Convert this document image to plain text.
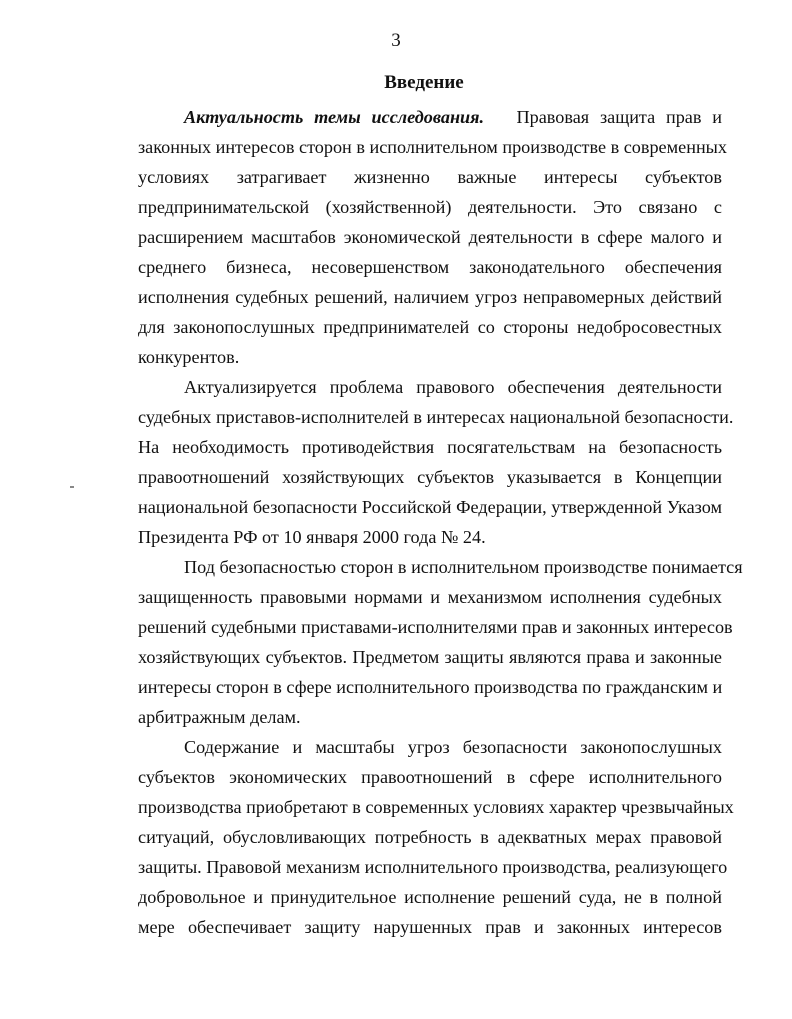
3
Введение
Актуальность темы исследования. Правовая защита прав и
законных интересов сторон в исполнительном производстве в современных
условиях затрагивает жизненно важные интересы субъектов
предпринимательской (хозяйственной) деятельности. Это связано с
расширением масштабов экономической деятельности в сфере малого и
среднего бизнеса, несовершенством законодательного обеспечения
исполнения судебных решений, наличием угроз неправомерных действий
для законопослушных предпринимателей со стороны недобросовестных
конкурентов.
Актуализируется проблема правового обеспечения деятельности
судебных приставов-исполнителей в интересах национальной безопасности.
На необходимость противодействия посягательствам на безопасность
правоотношений хозяйствующих субъектов указывается в Концепции
национальной безопасности Российской Федерации, утвержденной Указом
Президента РФ от 10 января 2000 года № 24.
Под безопасностью сторон в исполнительном производстве понимается
защищенность правовыми нормами и механизмом исполнения судебных
решений судебными приставами-исполнителями прав и законных интересов
хозяйствующих субъектов. Предметом защиты являются права и законные
интересы сторон в сфере исполнительного производства по гражданским и
арбитражным делам.
Содержание и масштабы угроз безопасности законопослушных
субъектов экономических правоотношений в сфере исполнительного
производства приобретают в современных условиях характер чрезвычайных
ситуаций, обусловливающих потребность в адекватных мерах правовой
защиты. Правовой механизм исполнительного производства, реализующего
добровольное и принудительное исполнение решений суда, не в полной
мере обеспечивает защиту нарушенных прав и законных интересов
